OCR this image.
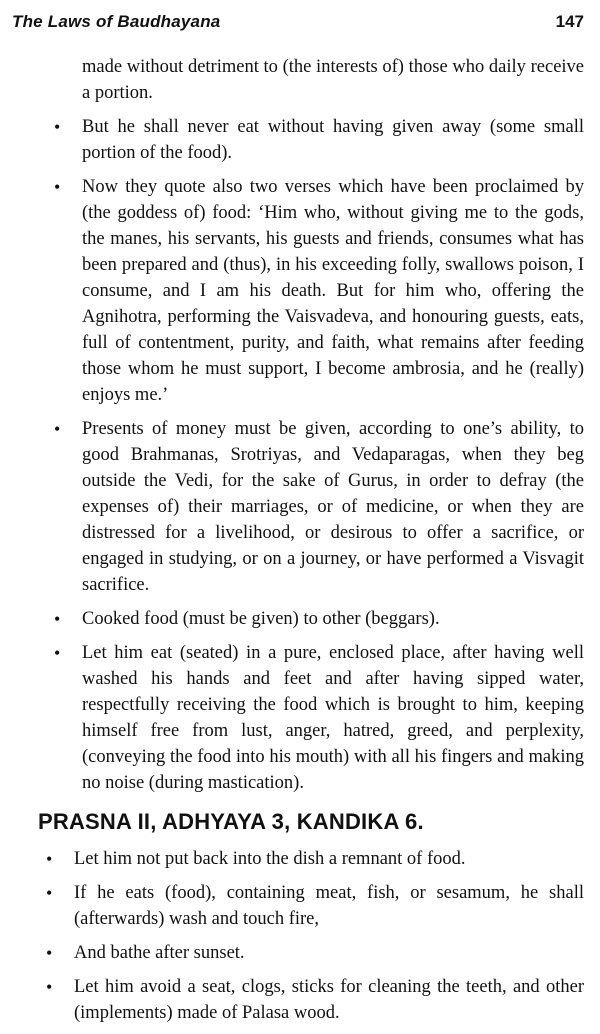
The Laws of Baudhayana	147

made without detriment to (the interests of) those who daily receive a portion.

• But he shall never eat without having given away (some small portion of the food).

• Now they quote also two verses which have been proclaimed by (the goddess of) food: ‘Him who, without giving me to the gods, the manes, his servants, his guests and friends, consumes what has been prepared and (thus), in his exceeding folly, swallows poison, I consume, and I am his death. But for him who, offering the Agnihotra, performing the Vaisvadeva, and honouring guests, eats, full of contentment, purity, and faith, what remains after feeding those whom he must support, I become ambrosia, and he (really) enjoys me.’

• Presents of money must be given, according to one’s ability, to good Brahmanas, Srotriyas, and Vedaparagas, when they beg outside the Vedi, for the sake of Gurus, in order to defray (the expenses of) their marriages, or of medicine, or when they are distressed for a livelihood, or desirous to offer a sacrifice, or engaged in studying, or on a journey, or have performed a Visvagit sacrifice.

• Cooked food (must be given) to other (beggars).

• Let him eat (seated) in a pure, enclosed place, after having well washed his hands and feet and after having sipped water, respectfully receiving the food which is brought to him, keeping himself free from lust, anger, hatred, greed, and perplexity, (conveying the food into his mouth) with all his fingers and making no noise (during mastication).

PRASNA II, ADHYAYA 3, KANDIKA 6.

• Let him not put back into the dish a remnant of food.

• If he eats (food), containing meat, fish, or sesamum, he shall (afterwards) wash and touch fire,

• And bathe after sunset.

• Let him avoid a seat, clogs, sticks for cleaning the teeth, and other (implements) made of Palasa wood.
